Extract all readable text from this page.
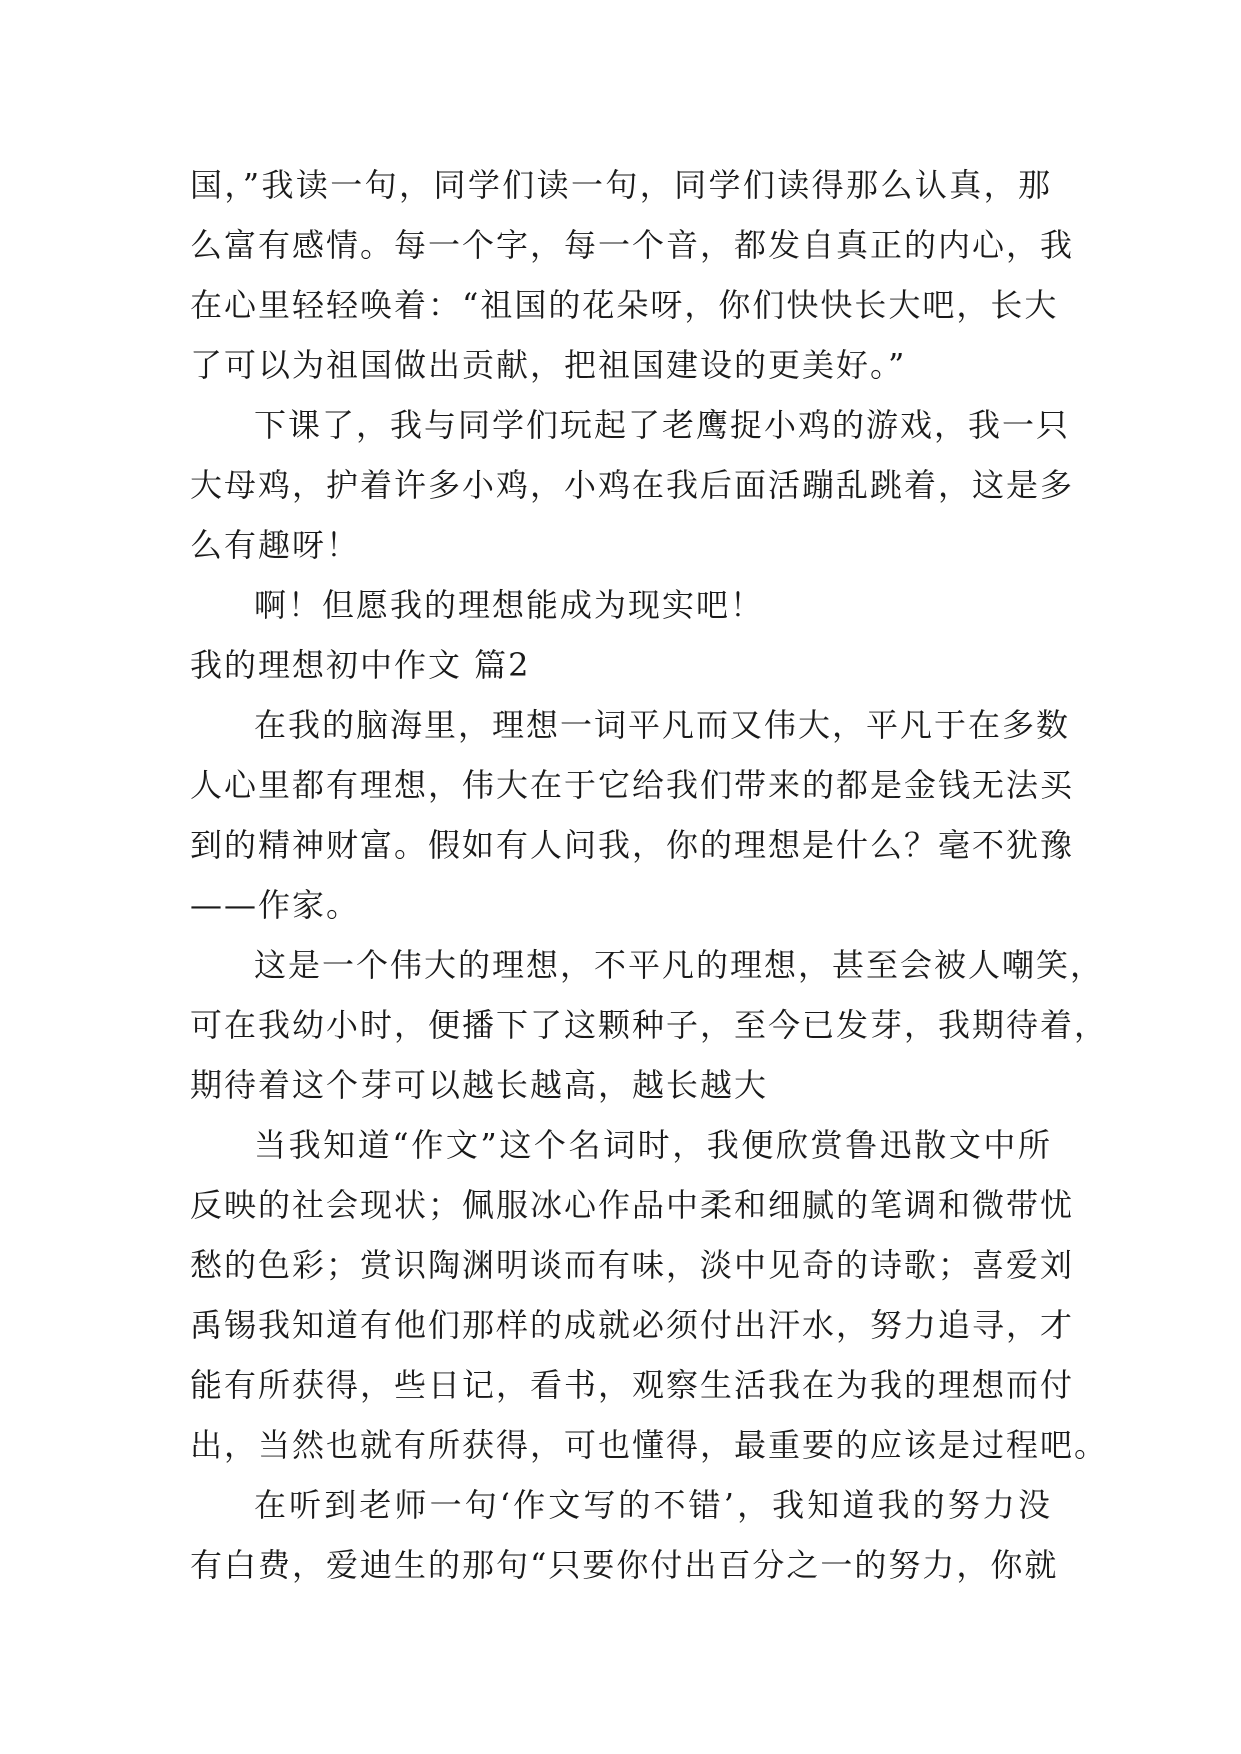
国，”我读一句，同学们读一句，同学们读得那么认真，那
么富有感情。每一个字，每一个音，都发自真正的内心，我
在心里轻轻唤着：“祖国的花朵呀，你们快快长大吧，长大
了可以为祖国做出贡献，把祖国建设的更美好。”
下课了，我与同学们玩起了老鹰捉小鸡的游戏，我一只
大母鸡，护着许多小鸡，小鸡在我后面活蹦乱跳着，这是多
么有趣呀！
啊！但愿我的理想能成为现实吧！
我的理想初中作文 篇2
在我的脑海里，理想一词平凡而又伟大，平凡于在多数
人心里都有理想，伟大在于它给我们带来的都是金钱无法买
到的精神财富。假如有人问我，你的理想是什么？毫不犹豫
——作家。
这是一个伟大的理想，不平凡的理想，甚至会被人嘲笑，
可在我幼小时，便播下了这颗种子，至今已发芽，我期待着，
期待着这个芽可以越长越高，越长越大
当我知道“作文”这个名词时，我便欣赏鲁迅散文中所
反映的社会现状；佩服冰心作品中柔和细腻的笔调和微带忧
愁的色彩；赏识陶渊明谈而有味，淡中见奇的诗歌；喜爱刘
禹锡我知道有他们那样的成就必须付出汗水，努力追寻，才
能有所获得，些日记，看书，观察生活我在为我的理想而付
出，当然也就有所获得，可也懂得，最重要的应该是过程吧。
在听到老师一句‘作文写的不错’，我知道我的努力没
有白费，爱迪生的那句“只要你付出百分之一的努力，你就
